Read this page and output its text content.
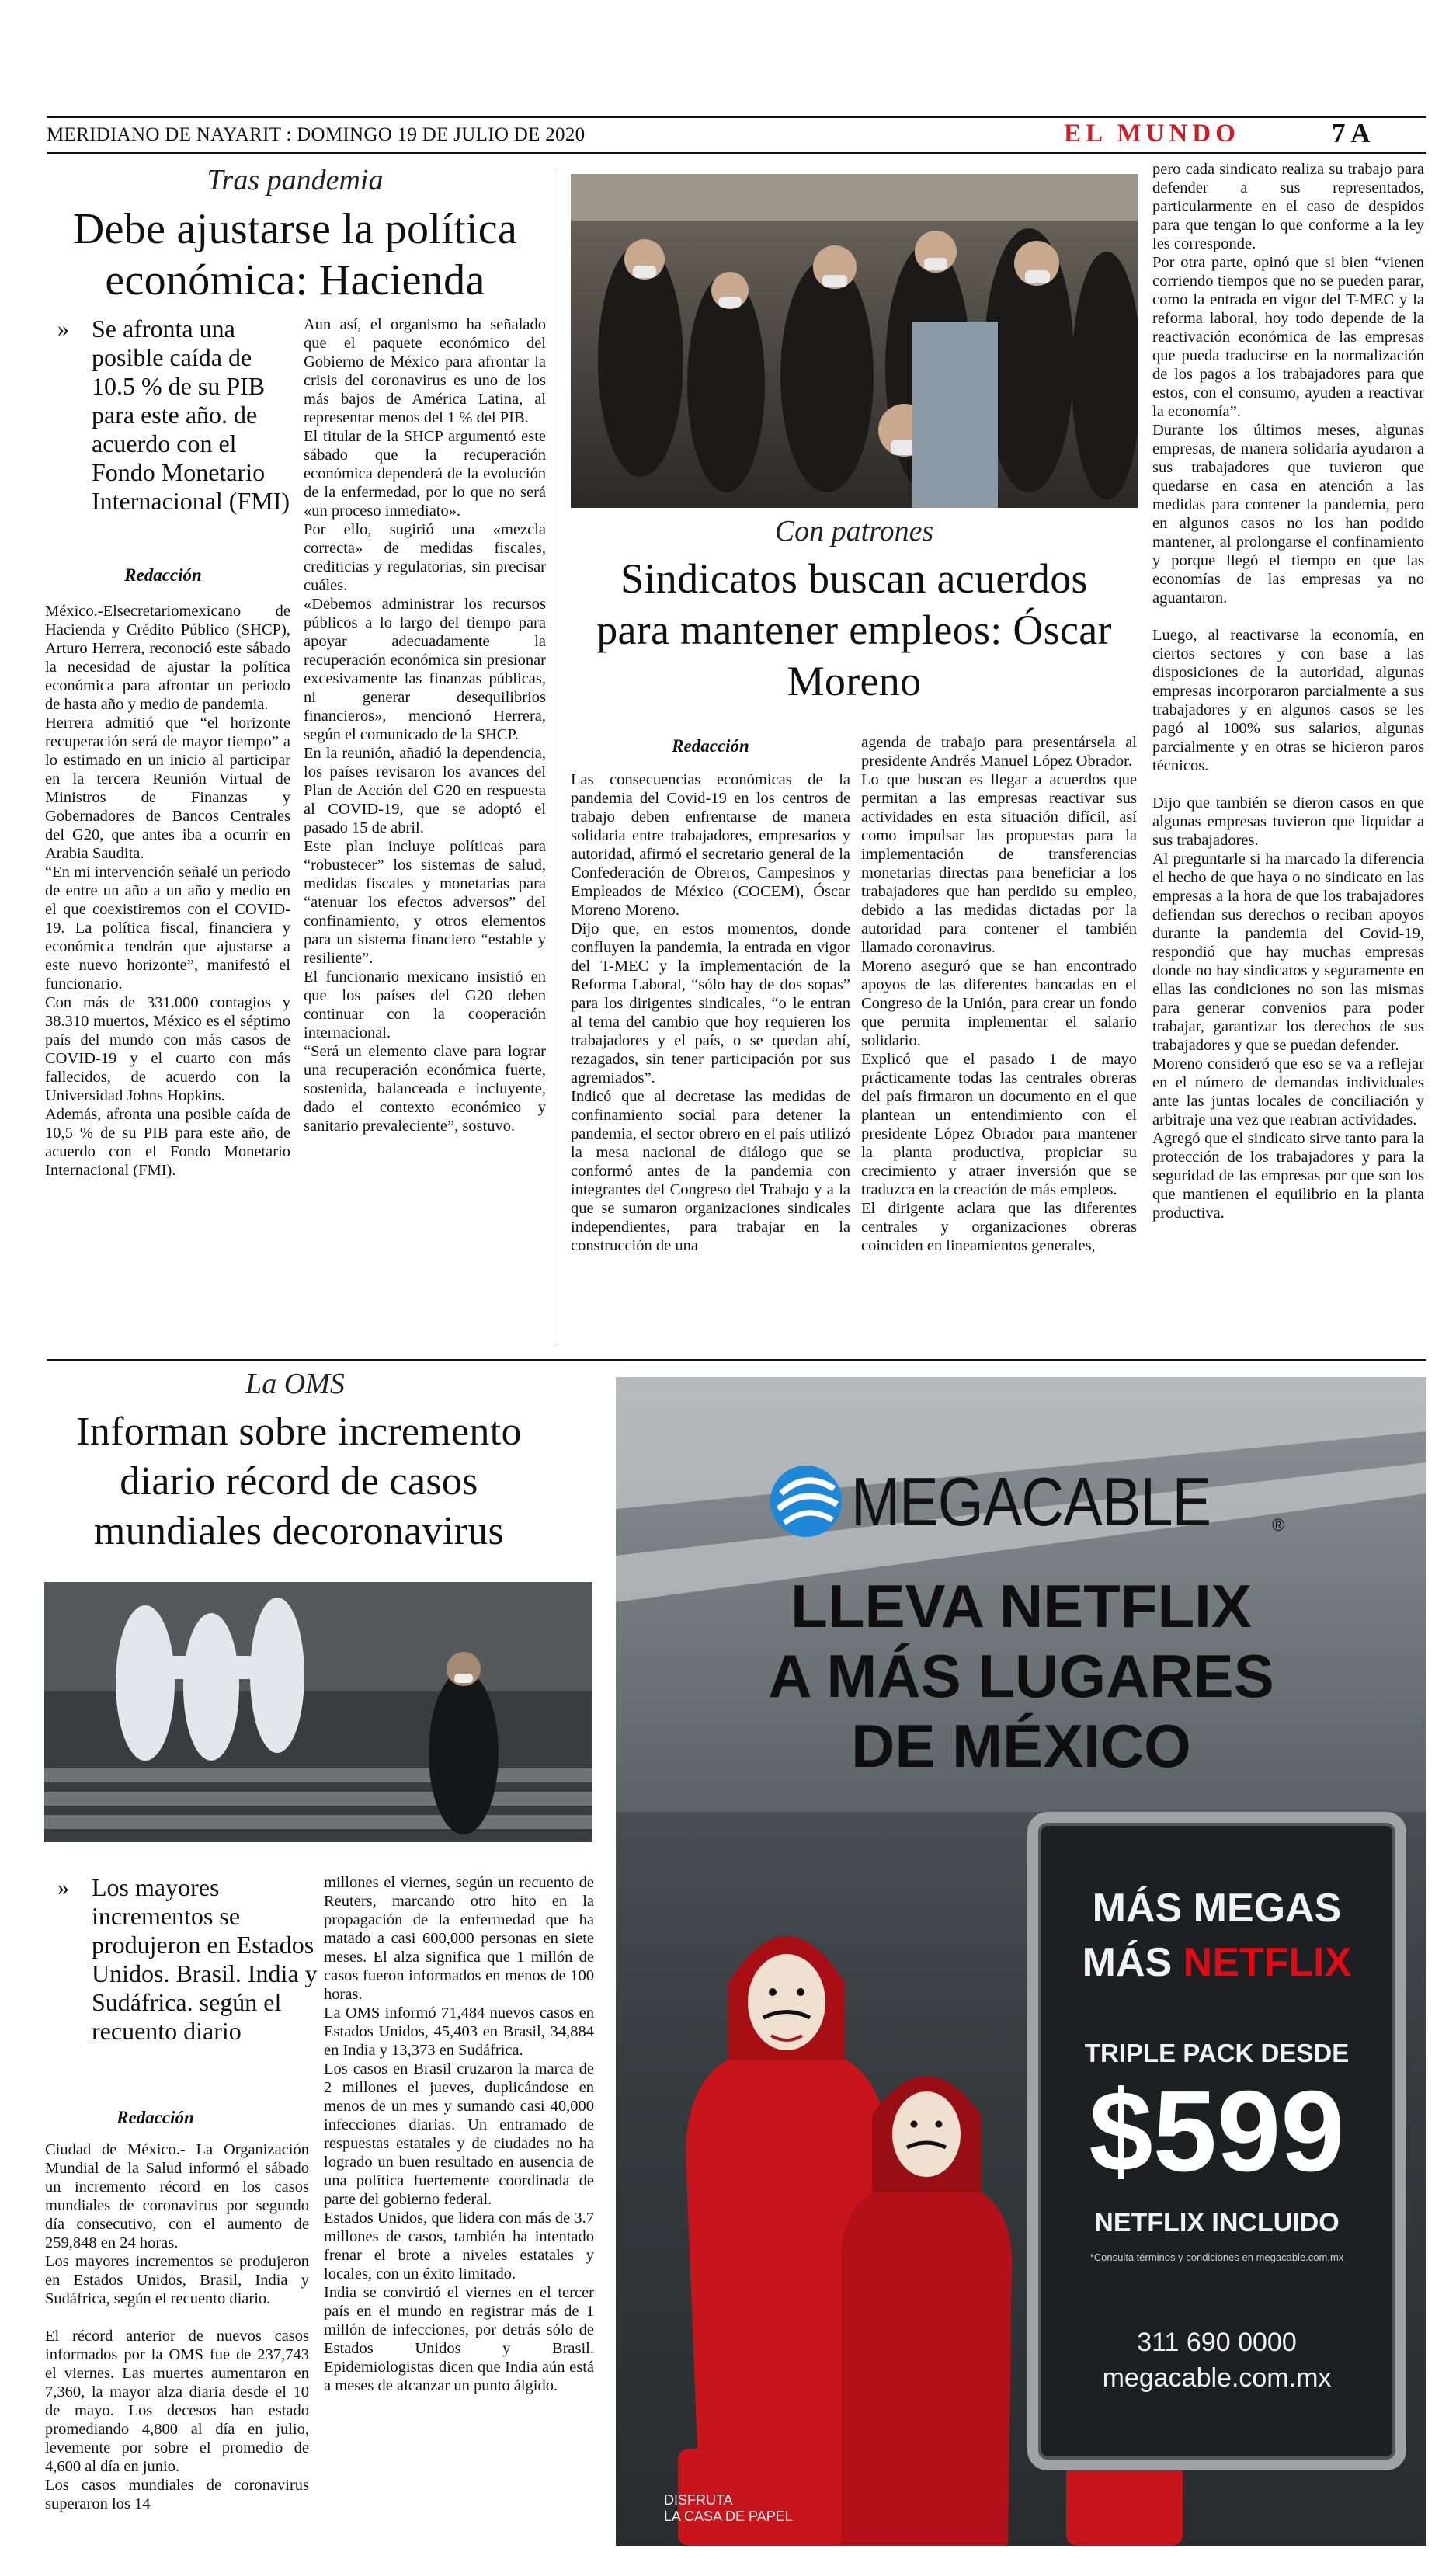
MERIDIANO DE NAYARIT : DOMINGO 19 DE JULIO DE 2020	EL MUNDO	7 A
Tras pandemia
Debe ajustarse la política económica: Hacienda
» Se afronta una posible caída de 10.5 % de su PIB para este año. de acuerdo con el Fondo Monetario Internacional (FMI)
Redacción

México.-Elsecretariomexicano de Hacienda y Crédito Público (SHCP), Arturo Herrera, reconoció este sábado la necesidad de ajustar la política económica para afrontar un periodo de hasta año y medio de pandemia.

Herrera admitió que “el horizonte recuperación será de mayor tiempo” a lo estimado en un inicio al participar en la tercera Reunión Virtual de Ministros de Finanzas y Gobernadores de Bancos Centrales del G20, que antes iba a ocurrir en Arabia Saudita.

“En mi intervención señalé un periodo de entre un año a un año y medio en el que coexistiremos con el COVID-19. La política fiscal, financiera y económica tendrán que ajustarse a este nuevo horizonte”, manifestó el funcionario.

Con más de 331.000 contagios y 38.310 muertos, México es el séptimo país del mundo con más casos de COVID-19 y el cuarto con más fallecidos, de acuerdo con la Universidad Johns Hopkins.

Además, afronta una posible caída de 10,5 % de su PIB para este año, de acuerdo con el Fondo Monetario Internacional (FMI).

Aun así, el organismo ha señalado que el paquete económico del Gobierno de México para afrontar la crisis del coronavirus es uno de los más bajos de América Latina, al representar menos del 1 % del PIB.

El titular de la SHCP argumentó este sábado que la recuperación económica dependerá de la evolución de la enfermedad, por lo que no será «un proceso inmediato».

Por ello, sugirió una «mezcla correcta» de medidas fiscales, crediticias y regulatorias, sin precisar cuáles.

«Debemos administrar los recursos públicos a lo largo del tiempo para apoyar adecuadamente la recuperación económica sin presionar excesivamente las finanzas públicas, ni generar desequilibrios financieros», mencionó Herrera, según el comunicado de la SHCP.

En la reunión, añadió la dependencia, los países revisaron los avances del Plan de Acción del G20 en respuesta al COVID-19, que se adoptó el pasado 15 de abril.

Este plan incluye políticas para “robustecer” los sistemas de salud, medidas fiscales y monetarias para “atenuar los efectos adversos” del confinamiento, y otros elementos para un sistema financiero “estable y resiliente”.

El funcionario mexicano insistió en que los países del G20 deben continuar con la cooperación internacional.

“Será un elemento clave para lograr una recuperación económica fuerte, sostenida, balanceada e incluyente, dado el contexto económico y sanitario prevaleciente”, sostuvo.

Con patrones
Sindicatos buscan acuerdos para mantener empleos: Óscar Moreno
Redacción

Las consecuencias económicas de la pandemia del Covid-19 en los centros de trabajo deben enfrentarse de manera solidaria entre trabajadores, empresarios y autoridad, afirmó el secretario general de la Confederación de Obreros, Campesinos y Empleados de México (COCEM), Óscar Moreno Moreno.

Dijo que, en estos momentos, donde confluyen la pandemia, la entrada en vigor del T-MEC y la implementación de la Reforma Laboral, “sólo hay de dos sopas” para los dirigentes sindicales, “o le entran al tema del cambio que hoy requieren los trabajadores y el país, o se quedan ahí, rezagados, sin tener participación por sus agremiados”.

Indicó que al decretase las medidas de confinamiento social para detener la pandemia, el sector obrero en el país utilizó la mesa nacional de diálogo que se conformó antes de la pandemia con integrantes del Congreso del Trabajo y a la que se sumaron organizaciones sindicales independientes, para trabajar en la construcción de una

agenda de trabajo para presentársela al presidente Andrés Manuel López Obrador.

Lo que buscan es llegar a acuerdos que permitan a las empresas reactivar sus actividades en esta situación difícil, así como impulsar las propuestas para la implementación de transferencias monetarias directas para beneficiar a los trabajadores que han perdido su empleo, debido a las medidas dictadas por la autoridad para contener el también llamado coronavirus.

Moreno aseguró que se han encontrado apoyos de las diferentes bancadas en el Congreso de la Unión, para crear un fondo que permita implementar el salario solidario.

Explicó que el pasado 1 de mayo prácticamente todas las centrales obreras del país firmaron un documento en el que plantean un entendimiento con el presidente López Obrador para mantener la planta productiva, propiciar su crecimiento y atraer inversión que se traduzca en la creación de más empleos.

El dirigente aclara que las diferentes centrales y organizaciones obreras coinciden en lineamientos generales,

pero cada sindicato realiza su trabajo para defender a sus representados, particularmente en el caso de despidos para que tengan lo que conforme a la ley les corresponde.

Por otra parte, opinó que si bien “vienen corriendo tiempos que no se pueden parar, como la entrada en vigor del T-MEC y la reforma laboral, hoy todo depende de la reactivación económica de las empresas que pueda traducirse en la normalización de los pagos a los trabajadores para que estos, con el consumo, ayuden a reactivar la economía”.

Durante los últimos meses, algunas empresas, de manera solidaria ayudaron a sus trabajadores que tuvieron que quedarse en casa en atención a las medidas para contener la pandemia, pero en algunos casos no los han podido mantener, al prolongarse el confinamiento y porque llegó el tiempo en que las economías de las empresas ya no aguantaron.

Luego, al reactivarse la economía, en ciertos sectores y con base a las disposiciones de la autoridad, algunas empresas incorporaron parcialmente a sus trabajadores y en algunos casos se les pagó al 100% sus salarios, algunas parcialmente y en otras se hicieron paros técnicos.

Dijo que también se dieron casos en que algunas empresas tuvieron que liquidar a sus trabajadores.

Al preguntarle si ha marcado la diferencia el hecho de que haya o no sindicato en las empresas a la hora de que los trabajadores defiendan sus derechos o reciban apoyos durante la pandemia del Covid-19, respondió que hay muchas empresas donde no hay sindicatos y seguramente en ellas las condiciones no son las mismas para generar convenios para poder trabajar, garantizar los derechos de sus trabajadores y que se puedan defender.

Moreno consideró que eso se va a reflejar en el número de demandas individuales ante las juntas locales de conciliación y arbitraje una vez que reabran actividades.

Agregó que el sindicato sirve tanto para la protección de los trabajadores y para la seguridad de las empresas por que son los que mantienen el equilibrio en la planta productiva.

La OMS
Informan sobre incremento diario récord de casos mundiales decoronavirus
» Los mayores incrementos se produjeron en Estados Unidos. Brasil. India y Sudáfrica. según el recuento diario
Redacción

Ciudad de México.- La Organización Mundial de la Salud informó el sábado un incremento récord en los casos mundiales de coronavirus por segundo día consecutivo, con el aumento de 259,848 en 24 horas.

Los mayores incrementos se produjeron en Estados Unidos, Brasil, India y Sudáfrica, según el recuento diario.

El récord anterior de nuevos casos informados por la OMS fue de 237,743 el viernes. Las muertes aumentaron en 7,360, la mayor alza diaria desde el 10 de mayo. Los decesos han estado promediando 4,800 al día en julio, levemente por sobre el promedio de 4,600 al día en junio.

Los casos mundiales de coronavirus superaron los 14

millones el viernes, según un recuento de Reuters, marcando otro hito en la propagación de la enfermedad que ha matado a casi 600,000 personas en siete meses. El alza significa que 1 millón de casos fueron informados en menos de 100 horas.

La OMS informó 71,484 nuevos casos en Estados Unidos, 45,403 en Brasil, 34,884 en India y 13,373 en Sudáfrica.

Los casos en Brasil cruzaron la marca de 2 millones el jueves, duplicándose en menos de un mes y sumando casi 40,000 infecciones diarias. Un entramado de respuestas estatales y de ciudades no ha logrado un buen resultado en ausencia de una política fuertemente coordinada de parte del gobierno federal.

Estados Unidos, que lidera con más de 3.7 millones de casos, también ha intentado frenar el brote a niveles estatales y locales, con un éxito limitado.

India se convirtió el viernes en el tercer país en el mundo en registrar más de 1 millón de infecciones, por detrás sólo de Estados Unidos y Brasil. Epidemiologistas dicen que India aún está a meses de alcanzar un punto álgido.

MEGACABLE	®
LLEVA NETFLIX
A MÁS LUGARES
DE MÉXICO
MÁS MEGAS
MÁS NETFLIX
TRIPLE PACK DESDE
$599
NETFLIX INCLUIDO
*Consulta términos y condiciones en megacable.com.mx
311 690 0000
megacable.com.mx
DISFRUTA
LA CASA DE PAPEL
